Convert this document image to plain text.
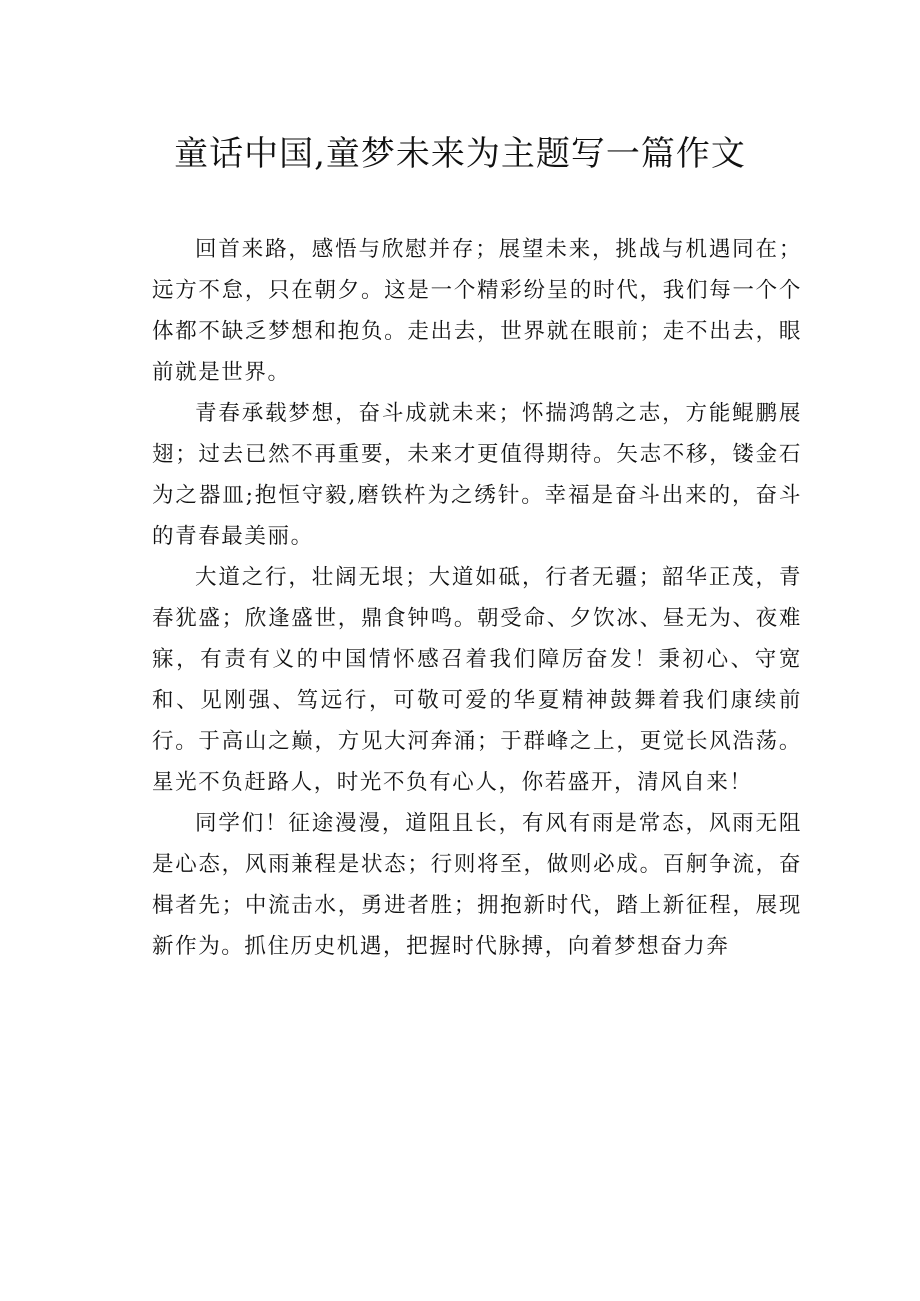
童话中国,童梦未来为主题写一篇作文

回首来路，感悟与欣慰并存；展望未来，挑战与机遇同在；远方不怠，只在朝夕。这是一个精彩纷呈的时代，我们每一个个体都不缺乏梦想和抱负。走出去，世界就在眼前；走不出去，眼前就是世界。

青春承载梦想，奋斗成就未来；怀揣鸿鹄之志，方能鲲鹏展翅；过去已然不再重要，未来才更值得期待。矢志不移，镂金石为之器皿;抱恒守毅,磨铁杵为之绣针。幸福是奋斗出来的，奋斗的青春最美丽。

大道之行，壮阔无垠；大道如砥，行者无疆；韶华正茂，青春犹盛；欣逢盛世，鼎食钟鸣。朝受命、夕饮冰、昼无为、夜难寐，有责有义的中国情怀感召着我们障厉奋发！秉初心、守宽和、见刚强、笃远行，可敬可爱的华夏精神鼓舞着我们康续前行。于高山之巅，方见大河奔涌；于群峰之上，更觉长风浩荡。星光不负赶路人，时光不负有心人，你若盛开，清风自来！

同学们！征途漫漫，道阻且长，有风有雨是常态，风雨无阻是心态，风雨兼程是状态；行则将至，做则必成。百舸争流，奋楫者先；中流击水，勇进者胜；拥抱新时代，踏上新征程，展现新作为。抓住历史机遇，把握时代脉搏，向着梦想奋力奔
